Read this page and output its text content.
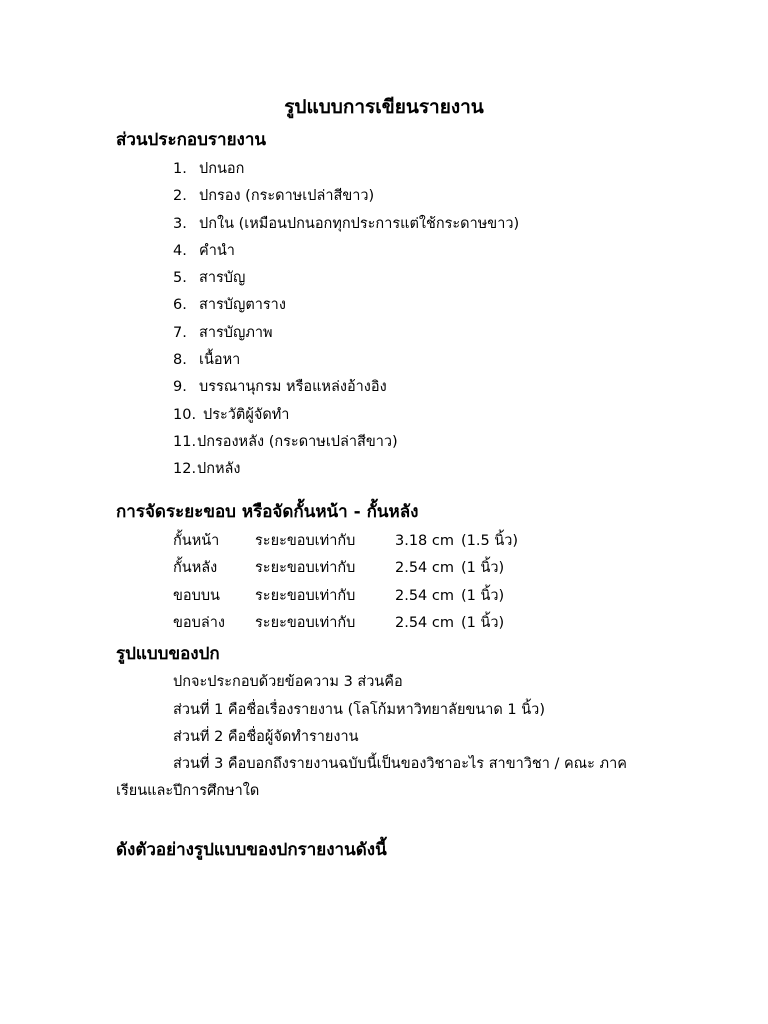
รูปแบบการเขียนรายงาน
ส่วนประกอบรายงาน
1. ปกนอก
2. ปกรอง (กระดาษเปล่าสีขาว)
3. ปกใน (เหมือนปกนอกทุกประการแต่ใช้กระดาษขาว)
4. คำนำ
5. สารบัญ
6. สารบัญตาราง
7. สารบัญภาพ
8. เนื้อหา
9. บรรณานุกรม หรือแหล่งอ้างอิง
10. ประวัติผู้จัดทำ
11.ปกรองหลัง (กระดาษเปล่าสีขาว)
12.ปกหลัง
การจัดระยะขอบ หรือจัดกั้นหน้า - กั้นหลัง
กั้นหน้า ระยะขอบเท่ากับ	3.18 cm (1.5 นิ้ว)
กั้นหลัง	ระยะขอบเท่ากับ	2.54 cm (1 นิ้ว)
ขอบบน ระยะขอบเท่ากับ	2.54 cm (1 นิ้ว)
ขอบล่าง ระยะขอบเท่ากับ	2.54 cm (1 นิ้ว)
รูปแบบของปก
ปกจะประกอบด้วยข้อความ 3 ส่วนคือ
ส่วนที่ 1 คือชื่อเรื่องรายงาน (โลโก้มหาวิทยาลัยขนาด 1 นิ้ว)
ส่วนที่ 2 คือชื่อผู้จัดทำรายงาน
ส่วนที่ 3 คือบอกถึงรายงานฉบับนี้เป็นของวิชาอะไร สาขาวิชา / คณะ ภาค
เรียนและปีการศึกษาใด
ดังตัวอย่างรูปแบบของปกรายงานดังนี้
